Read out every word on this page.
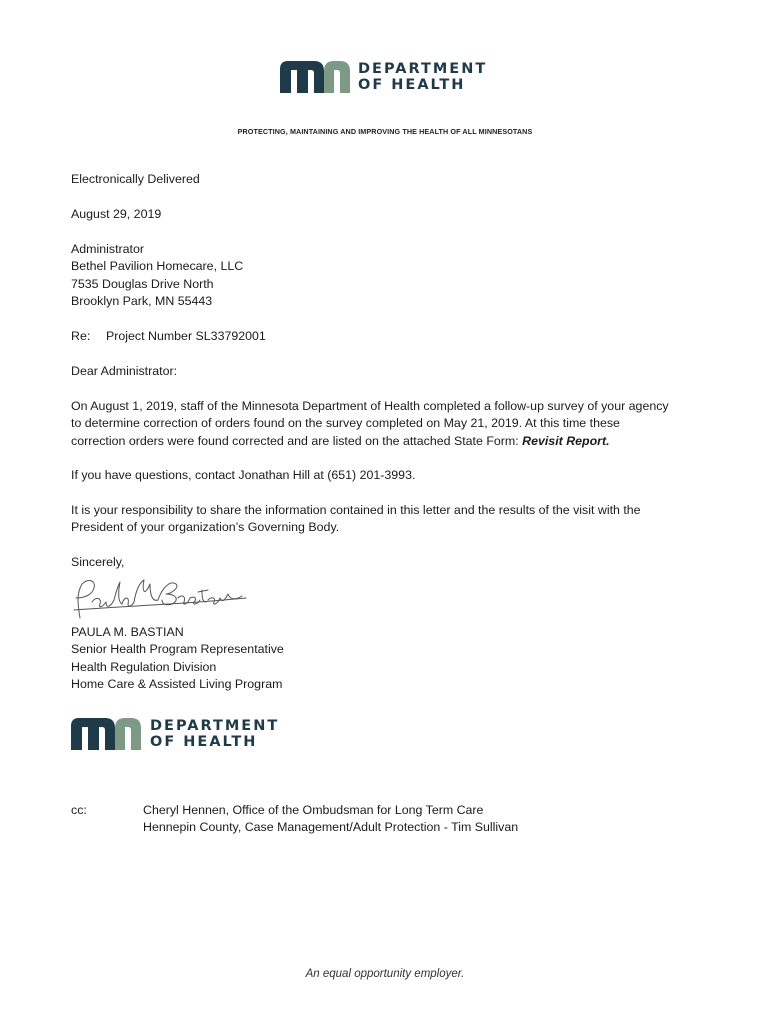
DEPARTMENT
OF HEALTH
PROTECTING, MAINTAINING AND IMPROVING THE HEALTH OF ALL MINNESOTANS
Electronically Delivered
August 29, 2019
Administrator
Bethel Pavilion Homecare, LLC
7535 Douglas Drive North
Brooklyn Park, MN 55443
Re: Project Number SL33792001
Dear Administrator:
On August 1, 2019, staff of the Minnesota Department of Health completed a follow-up survey of your agency
to determine correction of orders found on the survey completed on May 21, 2019. At this time these
correction orders were found corrected and are listed on the attached State Form: Revisit Report.
If you have questions, contact Jonathan Hill at (651) 201-3993.
It is your responsibility to share the information contained in this letter and the results of the visit with the
President of your organization’s Governing Body.
Sincerely,
PAULA M. BASTIAN
Senior Health Program Representative
Health Regulation Division
Home Care & Assisted Living Program
DEPARTMENT
OF HEALTH
cc:	Cheryl Hennen, Office of the Ombudsman for Long Term Care
Hennepin County, Case Management/Adult Protection - Tim Sullivan
An equal opportunity employer.
